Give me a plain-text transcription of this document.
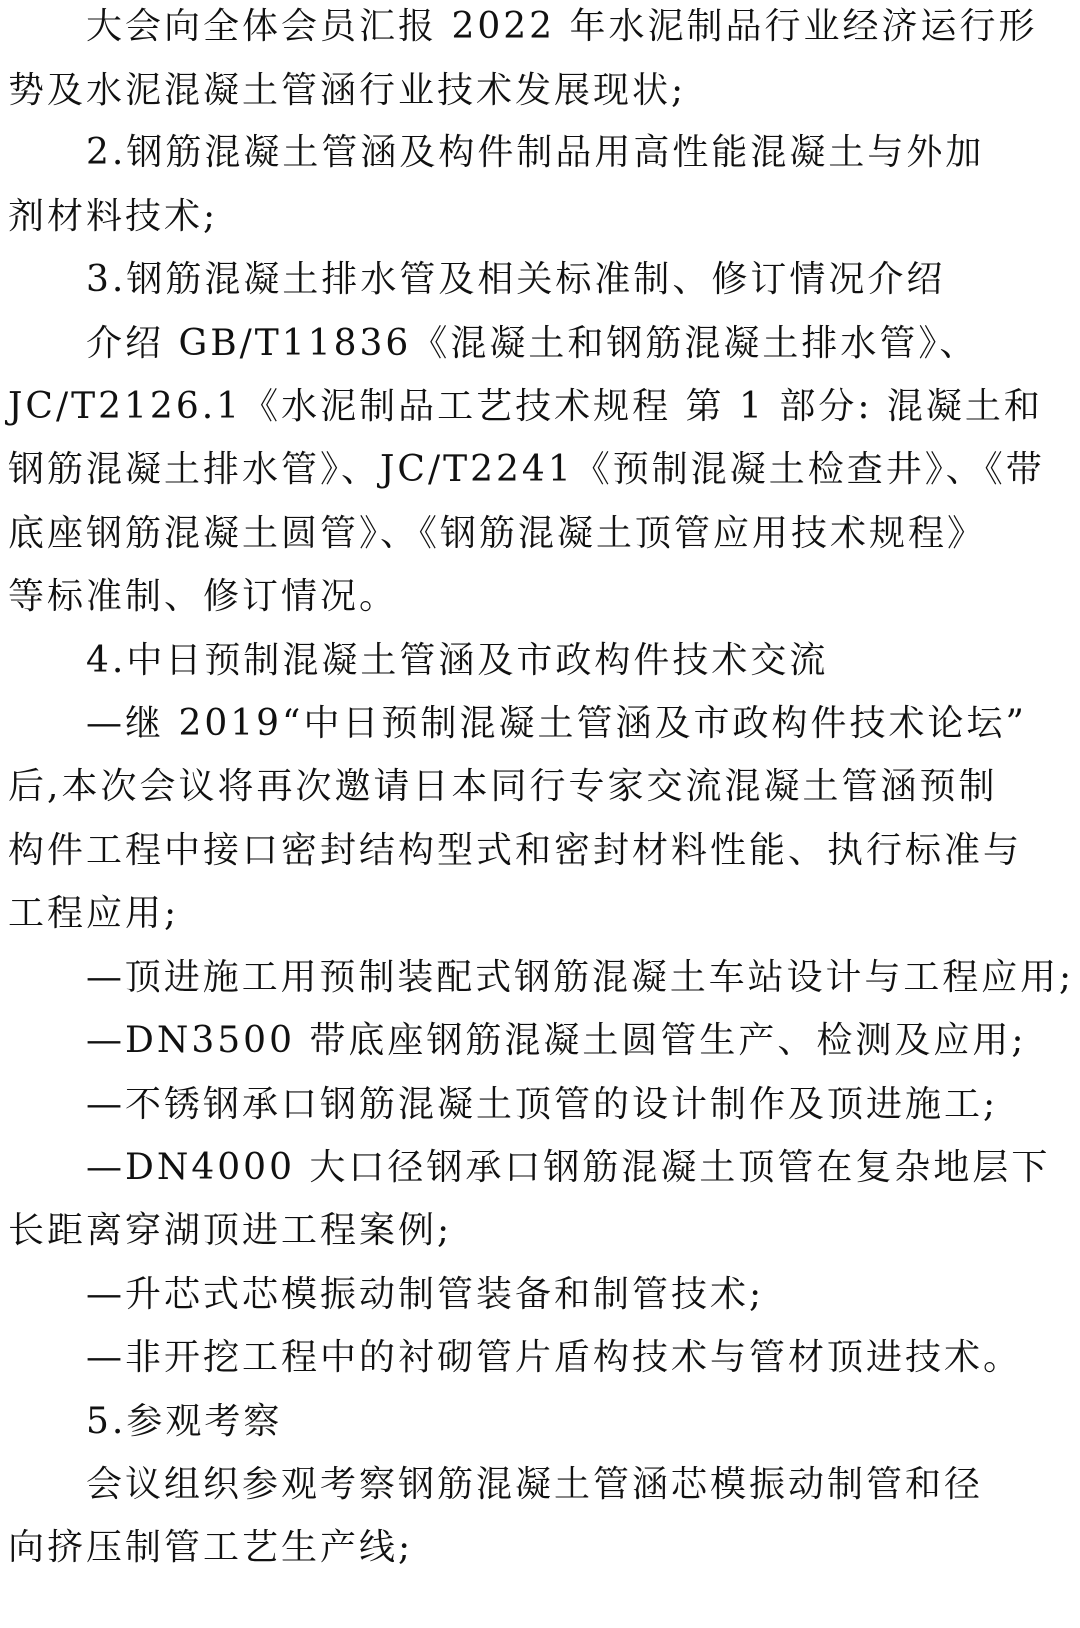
大会向全体会员汇报 2022 年水泥制品行业经济运行形
势及水泥混凝土管涵行业技术发展现状;
2.钢筋混凝土管涵及构件制品用高性能混凝土与外加
剂材料技术;
3.钢筋混凝土排水管及相关标准制、修订情况介绍
介绍 GB/T11836《混凝土和钢筋混凝土排水管》、
JC/T2126.1《水泥制品工艺技术规程 第 1 部分: 混凝土和
钢筋混凝土排水管》、JC/T2241《预制混凝土检查井》、《带
底座钢筋混凝土圆管》、《钢筋混凝土顶管应用技术规程》
等标准制、修订情况。
4.中日预制混凝土管涵及市政构件技术交流
—继 2019“中日预制混凝土管涵及市政构件技术论坛”
后,本次会议将再次邀请日本同行专家交流混凝土管涵预制
构件工程中接口密封结构型式和密封材料性能、执行标准与
工程应用;
—顶进施工用预制装配式钢筋混凝土车站设计与工程应用;
—DN3500 带底座钢筋混凝土圆管生产、检测及应用;
—不锈钢承口钢筋混凝土顶管的设计制作及顶进施工;
—DN4000 大口径钢承口钢筋混凝土顶管在复杂地层下
长距离穿湖顶进工程案例;
—升芯式芯模振动制管装备和制管技术;
—非开挖工程中的衬砌管片盾构技术与管材顶进技术。
5.参观考察
会议组织参观考察钢筋混凝土管涵芯模振动制管和径
向挤压制管工艺生产线;
